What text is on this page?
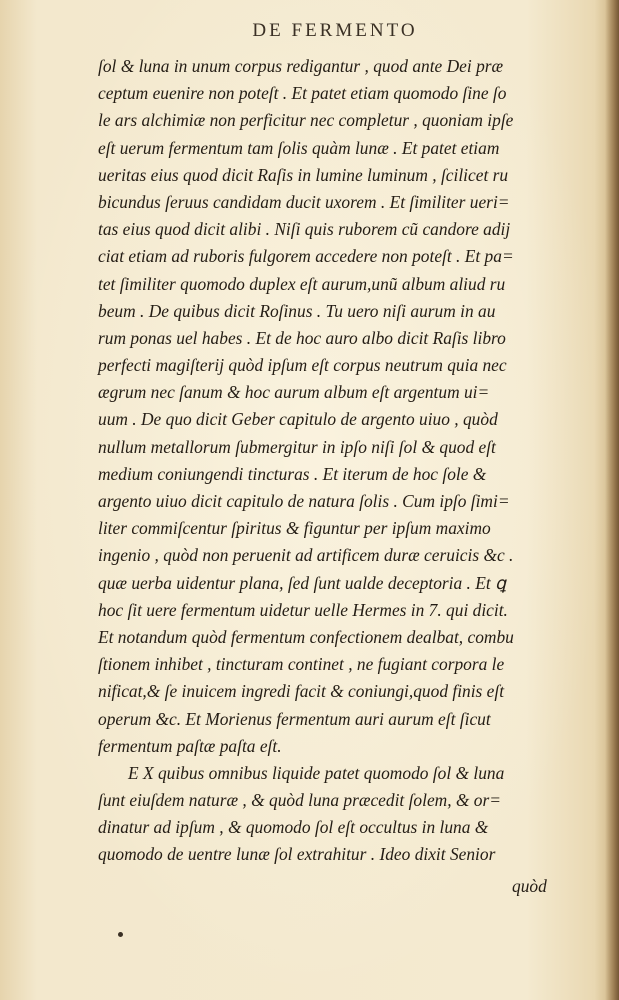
DE FERMENTO
ſol & luna in unum corpus redigantur , quod ante Dei præ
ceptum euenire non poteſt . Et patet etiam quomodo ſine ſo
le ars alchimiæ non perficitur nec completur , quoniam ipſe
eſt uerum fermentum tam ſolis quàm lunæ . Et patet etiam
ueritas eius quod dicit Raſis in lumine luminum , ſcilicet ru
bicundus ſeruus candidam ducit uxorem . Et ſimiliter ueri=
tas eius quod dicit alibi . Niſi quis ruborem cũ candore adij
ciat etiam ad ruboris fulgorem accedere non poteſt . Et pa=
tet ſimiliter quomodo duplex eſt aurum,unũ album aliud ru
beum . De quibus dicit Roſinus . Tu uero niſi aurum in au
rum ponas uel habes . Et de hoc auro albo dicit Raſis libro
perfecti magiſterij quòd ipſum eſt corpus neutrum quia nec
ægrum nec ſanum & hoc aurum album eſt argentum ui=
uum . De quo dicit Geber capitulo de argento uiuo , quòd
nullum metallorum ſubmergitur in ipſo niſi ſol & quod eſt
medium coniungendi tincturas . Et iterum de hoc ſole &
argento uiuo dicit capitulo de natura ſolis . Cum ipſo ſimi=
liter commiſcentur ſpiritus & figuntur per ipſum maximo
ingenio , quòd non peruenit ad artificem duræ ceruicis &c .
quæ uerba uidentur plana, ſed ſunt ualde deceptoria . Et ꝗ
hoc ſit uere fermentum uidetur uelle Hermes in 7. qui dicit.
Et notandum quòd fermentum confectionem dealbat, combu
ſtionem inhibet , tincturam continet , ne fugiant corpora le
nificat,& ſe inuicem ingredi facit & coniungi,quod finis eſt
operum &c. Et Morienus fermentum auri aurum eſt ſicut
fermentum paſtæ paſta eſt.
E X quibus omnibus liquide patet quomodo ſol & luna
ſunt eiuſdem naturæ , & quòd luna præcedit ſolem, & or=
dinatur ad ipſum , & quomodo ſol eſt occultus in luna &
quomodo de uentre lunæ ſol extrahitur . Ideo dixit Senior
quòd
